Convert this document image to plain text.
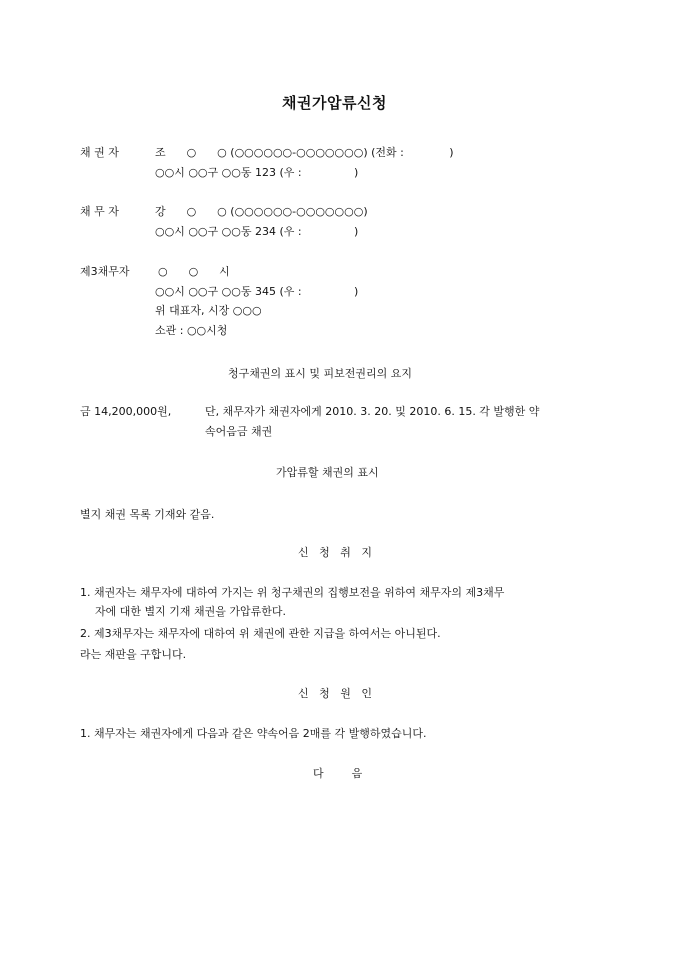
채권가압류신청
채 권 자	조      ○      ○ (○○○○○○-○○○○○○○) (전화 :             )
○○시 ○○구 ○○동 123 (우 :               )
채 무 자	강      ○      ○ (○○○○○○-○○○○○○○)
○○시 ○○구 ○○동 234 (우 :               )
제3채무자	○      ○      시
○○시 ○○구 ○○동 345 (우 :               )
위 대표자, 시장 ○○○
소관 : ○○시청
청구채권의 표시 및 피보전권리의 요지
금 14,200,000원,	단, 채무자가 채권자에게 2010. 3. 20. 및 2010. 6. 15. 각 발행한 약
속어음금 채권
가압류할 채권의 표시
별지 채권 목록 기재와 같음.
신   청   취   지
1. 채권자는 채무자에 대하여 가지는 위 청구채권의 집행보전을 위하여 채무자의 제3채무
자에 대한 별지 기재 채권을 가압류한다.
2. 제3채무자는 채무자에 대하여 위 채권에 관한 지급을 하여서는 아니된다.
라는 재판을 구합니다.
신   청   원   인
1. 채무자는 채권자에게 다음과 같은 약속어음 2매를 각 발행하였습니다.
다        음
